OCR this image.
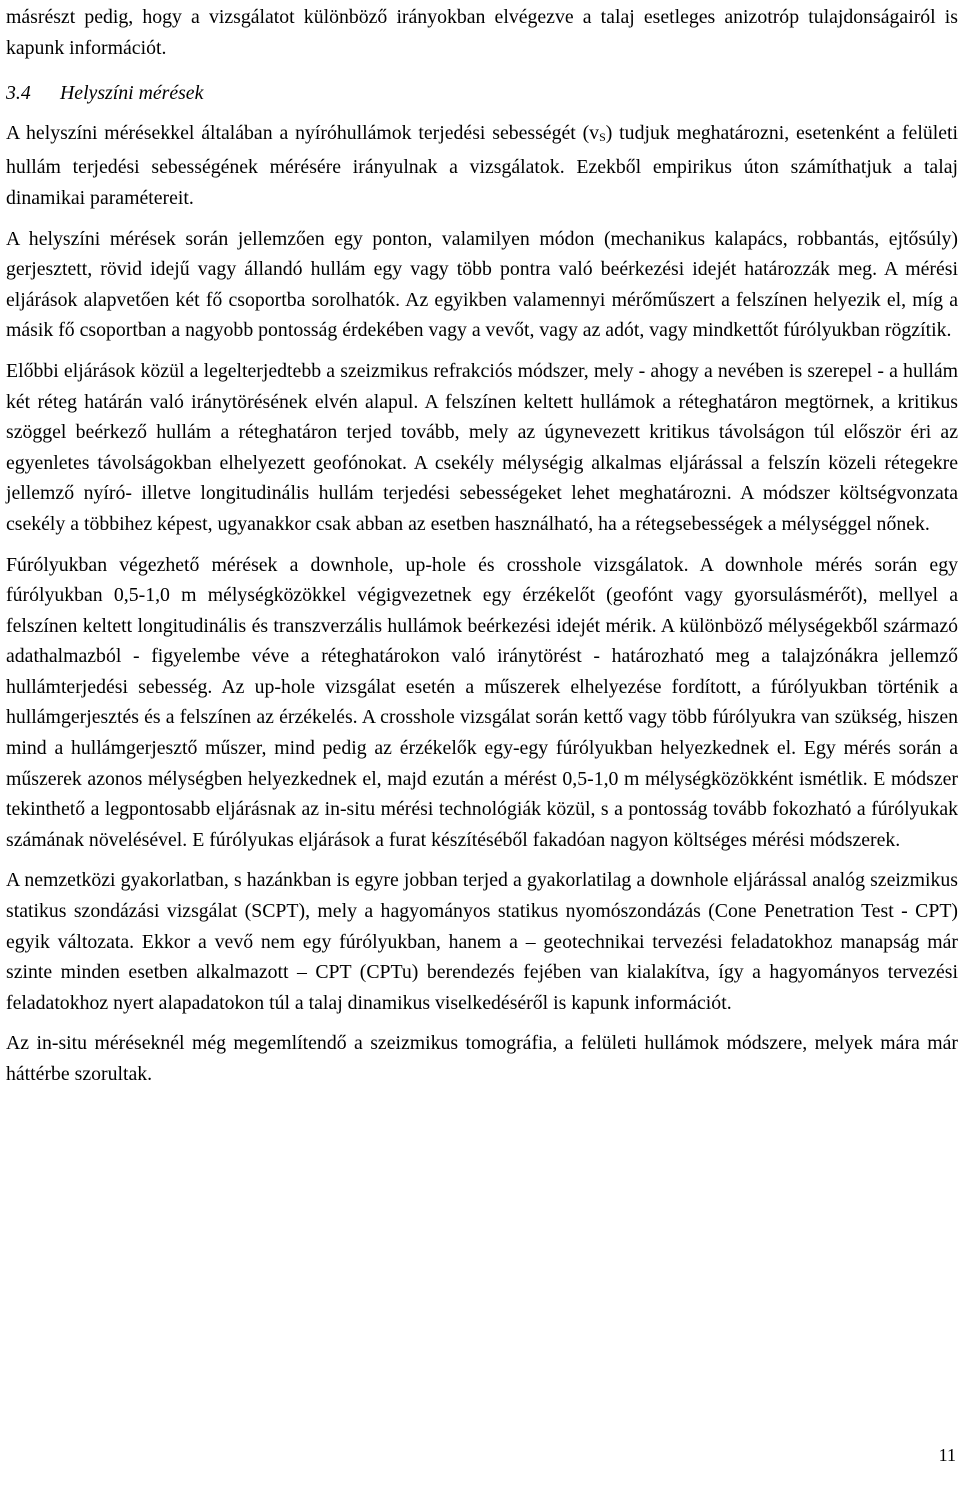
másrészt pedig, hogy a vizsgálatot különböző irányokban elvégezve a talaj esetleges anizotróp tulajdonságairól is kapunk információt.

3.4 Helyszíni mérések

A helyszíni mérésekkel általában a nyíróhullámok terjedési sebességét $(v_S)$ tudjuk meghatározni, esetenként a felületi hullám terjedési sebességének mérésére irányulnak a vizsgálatok. Ezekből empirikus úton számíthatjuk a talaj dinamikai paramétereit.

A helyszíni mérések során jellemzően egy ponton, valamilyen módon (mechanikus kalapács, robbantás, ejtősúly) gerjesztett, rövid idejű vagy állandó hullám egy vagy több pontra való beérkezési idejét határozzák meg. A mérési eljárások alapvetően két fő csoportba sorolhatók. Az egyikben valamennyi mérőműszert a felszínen helyezik el, míg a másik fő csoportban a nagyobb pontosság érdekében vagy a vevőt, vagy az adót, vagy mindkettőt fúrólyukban rögzítik.

Előbbi eljárások közül a legelterjedtebb a szeizmikus refrakciós módszer, mely - ahogy a nevében is szerepel - a hullám két réteg határán való iránytörésének elvén alapul. A felszínen keltett hullámok a réteghatáron megtörnek, a kritikus szöggel beérkező hullám a réteghatáron terjed tovább, mely az úgynevezett kritikus távolságon túl először éri az egyenletes távolságokban elhelyezett geofónokat. A csekély mélységig alkalmas eljárással a felszín közeli rétegekre jellemző nyíró- illetve longitudinális hullám terjedési sebességeket lehet meghatározni. A módszer költségvonzata csekély a többihez képest, ugyanakkor csak abban az esetben használható, ha a rétegsebességek a mélységgel nőnek.

Fúrólyukban végezhető mérések a downhole, up-hole és crosshole vizsgálatok. A downhole mérés során egy fúrólyukban 0,5-1,0 m mélységközökkel végigvezetnek egy érzékelőt (geofónt vagy gyorsulásmérőt), mellyel a felszínen keltett longitudinális és transzverzális hullámok beérkezési idejét mérik. A különböző mélységekből származó adathalmazból - figyelembe véve a réteghatárokon való iránytörést - határozható meg a talajzónákra jellemző hullámterjedési sebesség. Az up-hole vizsgálat esetén a műszerek elhelyezése fordított, a fúrólyukban történik a hullámgerjesztés és a felszínen az érzékelés. A crosshole vizsgálat során kettő vagy több fúrólyukra van szükség, hiszen mind a hullámgerjesztő műszer, mind pedig az érzékelők egy-egy fúrólyukban helyezkednek el. Egy mérés során a műszerek azonos mélységben helyezkednek el, majd ezután a mérést 0,5-1,0 m mélységközökként ismétlik. E módszer tekinthető a legpontosabb eljárásnak az in-situ mérési technológiák közül, s a pontosság tovább fokozható a fúrólyukak számának növelésével. E fúrólyukas eljárások a furat készítéséből fakadóan nagyon költséges mérési módszerek.

A nemzetközi gyakorlatban, s hazánkban is egyre jobban terjed a gyakorlatilag a downhole eljárással analóg szeizmikus statikus szondázási vizsgálat (SCPT), mely a hagyományos statikus nyomószondázás (Cone Penetration Test - CPT) egyik változata. Ekkor a vevő nem egy fúrólyukban, hanem a – geotechnikai tervezési feladatokhoz manapság már szinte minden esetben alkalmazott – CPT (CPTu) berendezés fejében van kialakítva, így a hagyományos tervezési feladatokhoz nyert alapadatokon túl a talaj dinamikus viselkedéséről is kapunk információt.

Az in-situ méréseknél még megemlítendő a szeizmikus tomográfia, a felületi hullámok módszere, melyek mára már háttérbe szorultak.

11
